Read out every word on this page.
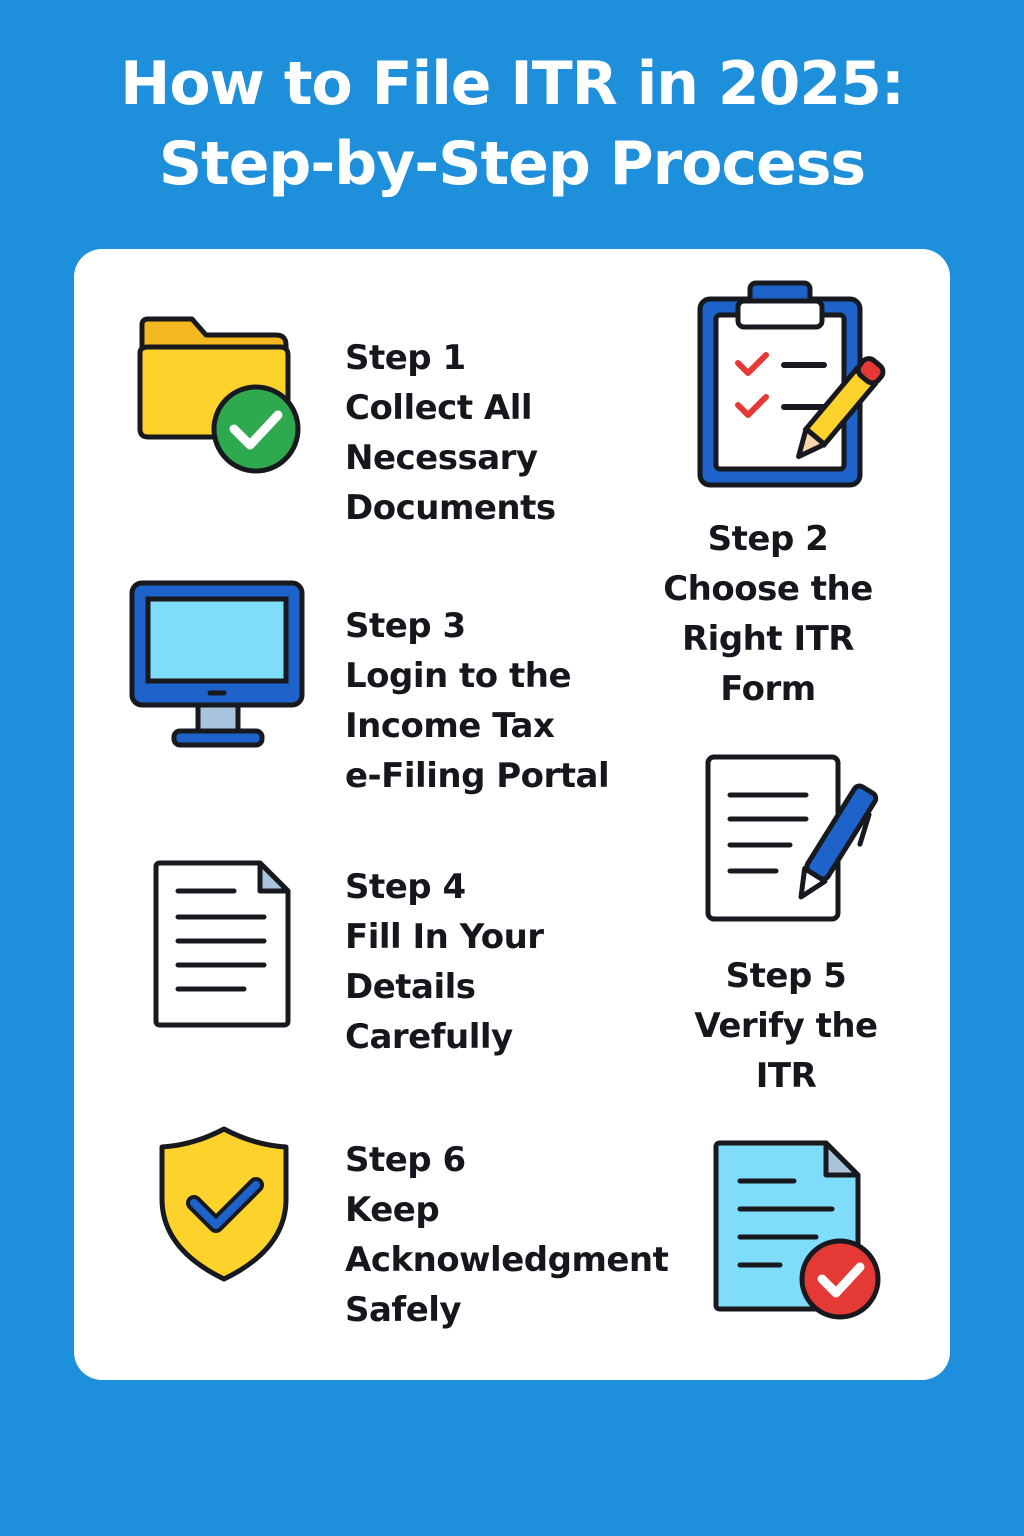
How to File ITR in 2025:
Step-by-Step Process
Step 1
Collect All
Necessary
Documents
Step 2
Choose the
Right ITR
Form
Step 3
Login to the
Income Tax
e-Filing Portal
Step 5
Verify the
ITR
Step 4
Fill In Your
Details
Carefully
Step 6
Keep
Acknowledgment
Safely
